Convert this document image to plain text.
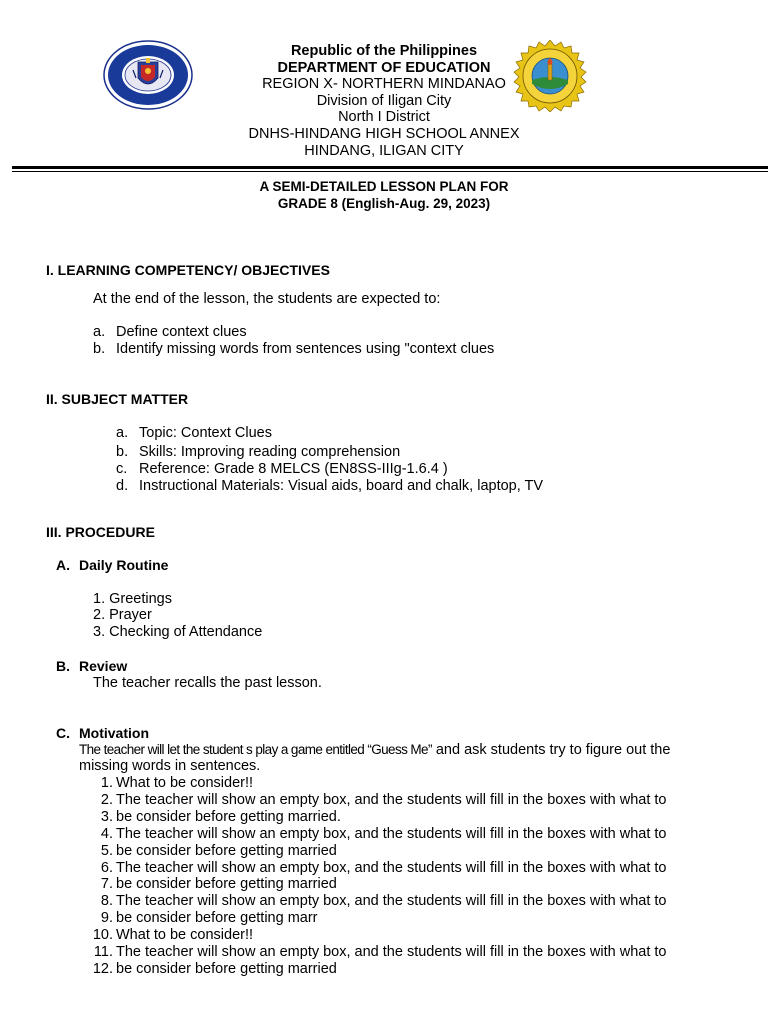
Republic of the Philippines
DEPARTMENT OF EDUCATION
REGION X- NORTHERN MINDANAO
Division of Iligan City
North I District
DNHS-HINDANG HIGH SCHOOL ANNEX
HINDANG, ILIGAN CITY
A SEMI-DETAILED LESSON PLAN FOR
GRADE 8 (English-Aug. 29, 2023)
I. LEARNING COMPETENCY/ OBJECTIVES
At the end of the lesson, the students are expected to:
a. Define context clues
b. Identify missing words from sentences using "context clues
II. SUBJECT MATTER
a. Topic: Context Clues
b. Skills: Improving reading comprehension
c. Reference: Grade 8 MELCS (EN8SS-IIIg-1.6.4 )
d. Instructional Materials: Visual aids, board and chalk, laptop, TV
III. PROCEDURE
A. Daily Routine
1. Greetings
2. Prayer
3. Checking of Attendance
B. Review
The teacher recalls the past lesson.
C. Motivation
The teacher will let the student s play a game entitled “Guess Me” and ask students try to figure out the
missing words in sentences.
1. What to be consider!!
2. The teacher will show an empty box, and the students will fill in the boxes with what to
3. be consider before getting married.
4. The teacher will show an empty box, and the students will fill in the boxes with what to
5. be consider before getting married
6. The teacher will show an empty box, and the students will fill in the boxes with what to
7. be consider before getting married
8. The teacher will show an empty box, and the students will fill in the boxes with what to
9. be consider before getting marr
10. What to be consider!!
11. The teacher will show an empty box, and the students will fill in the boxes with what to
12. be consider before getting married
